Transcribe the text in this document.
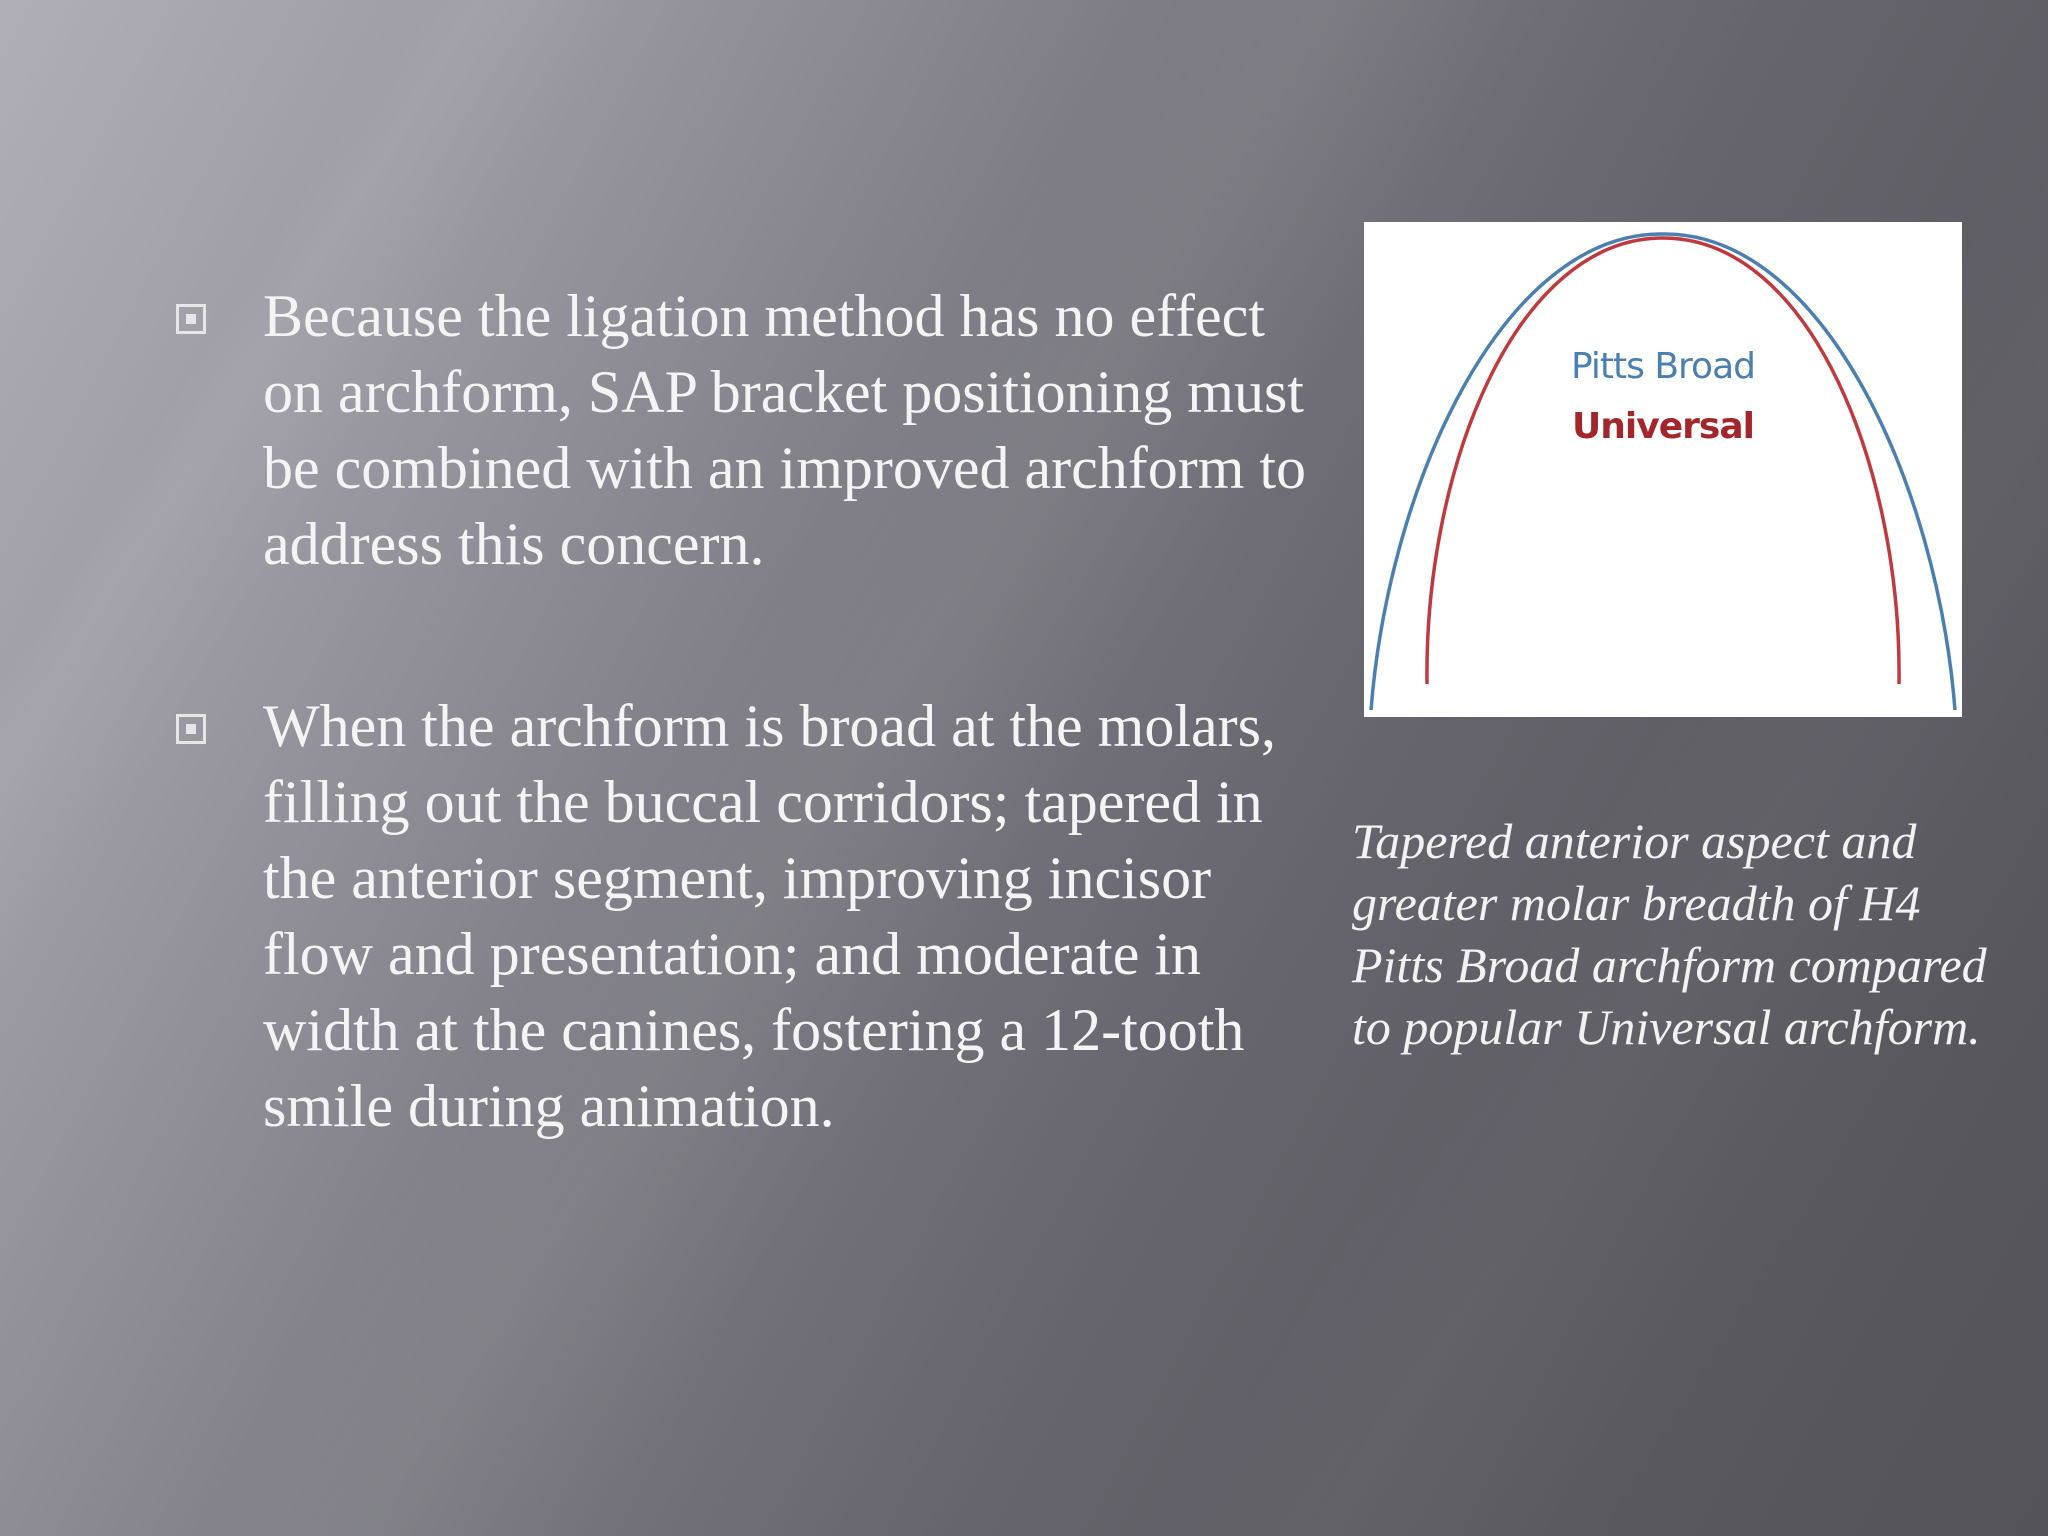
Because the ligation method has no effect on archform, SAP bracket positioning must be combined with an improved archform to address this concern.
When the archform is broad at the molars, filling out the buccal corridors; tapered in the anterior segment, improving incisor flow and presentation; and moderate in width at the canines, fostering a 12-tooth smile during animation.
Pitts Broad
Universal
Tapered anterior aspect and greater molar breadth of H4 Pitts Broad archform compared to popular Universal archform.
